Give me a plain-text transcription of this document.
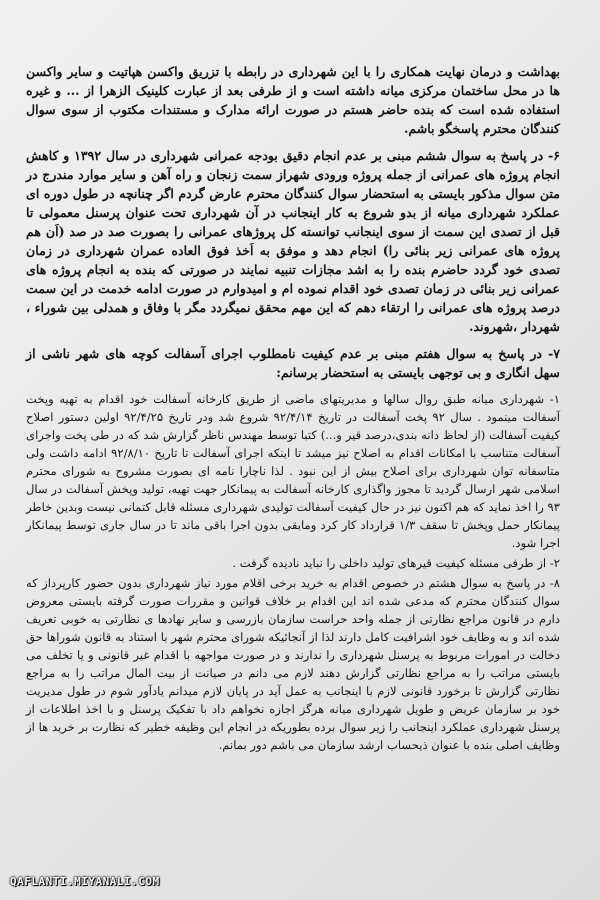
بهداشت و درمان نهایت همکاری را با این شهرداری در رابطه با تزریق واکسن هپاتیت و سایر واکسن ها در محل ساختمان مرکزی میانه داشته است و از طرفی بعد از عبارت کلینیک الزهرا از ... و غیره استفاده شده است که بنده حاضر هستم در صورت ارائه مدارک و مستندات مکتوب از سوی سوال کنندگان محترم پاسخگو باشم.

۶- در پاسخ به سوال ششم مبنی بر عدم انجام دقیق بودجه عمرانی شهرداری در سال ۱۳۹۲ و کاهش انجام پروژه های عمرانی از جمله پروژه ورودی شهراز سمت زنجان و راه آهن و سایر موارد مندرج در متن سوال مذکور بایستی به استحضار سوال کنندگان محترم عارض گردم اگر چنانچه در طول دوره ای عملکرد شهرداری میانه از بدو شروع به کار اینجانب در آن شهرداری تحت عنوان پرسنل معمولی تا قبل از تصدی این سمت از سوی اینجانب توانسته کل پروژهای عمرانی را بصورت صد در صد (اَن هم پروژه های عمرانی زیر بنائی را) انجام دهد و موفق به اَخذ فوق العاده عمران شهرداری در زمان تصدی خود گردد حاضرم بنده را به اشد مجازات تنبیه نمایند در صورتی که بنده به انجام پروژه های عمرانی زیر بنائی در زمان تصدی خود اقدام نموده ام و امیدوارم در صورت ادامه خدمت در این سمت درصد پروژه های عمرانی را ارتقاء دهم که این مهم محقق نمیگردد مگر با وفاق و همدلی بین شوراء ، شهردار ،شهروند.

۷- در پاسخ به سوال هفتم مبنی بر عدم کیفیت نامطلوب اجرای آسفالت کوچه های شهر ناشی از سهل انگاری و بی توجهی بایستی به استحضار برسانم:

۱- شهرداری میانه طبق روال سالها و مدیریتهای ماضی از طریق کارخانه آسفالت خود اقدام به تهیه وپخت آسفالت مینمود . سال ۹۲ پخت آسفالت در تاریخ ۹۲/۴/۱۴ شروع شد ودر تاریخ ۹۲/۴/۲۵ اولین دستور اصلاح کیفیت آسفالت (از لحاظ دانه بندی،درصد قیر و...) کتبا توسط مهندس ناظر گزارش شد که در طی پخت واجرای آسفالت متناسب با امکانات اقدام به اصلاح نیز میشد تا اینکه اجرای آسفالت تا تاریخ ۹۲/۸/۱۰ ادامه داشت ولی متاسفانه توان شهرداری برای اصلاح بیش از این نبود . لذا ناچارا نامه ای بصورت مشروح به شورای محترم اسلامی شهر ارسال گردید تا مجوز واگذاری کارخانه آسفالت به پیمانکار جهت تهیه، تولید وپخش آسفالت در سال ۹۳ را اخذ نماید که هم اکنون نیز در حال کیفیت آسفالت تولیدی شهرداری مسئله قابل کتمانی نیست وبدین خاطر پیمانکار حمل وپخش تا سقف ۱/۳ قرارداد کار کرد ومابقی بدون اجرا باقی ماند تا در سال جاری توسط پیمانکار اجرا شود.
۲- از طرفی مسئله کیفیت قیرهای تولید داخلی را نباید نادیده گرفت .
۸- در پاسخ به سوال هشتم در خصوص اقدام به خرید برخی اقلام مورد نیاز شهرداری بدون حضور کارپرداز که سوال کنندگان محترم که مدعی شده اند این اقدام بر خلاف قوانین و مقررات صورت گرفته بایستی معروض دارم در قانون مراجع نظارتی از جمله واحد حراست سازمان بازرسی و سایر نهادها ی نظارتی به خوبی تعریف شده اند و به وظایف خود اشرافیت کامل دارند لذا از آنجائیکه شورای محترم شهر با استناد به قانون شوراها حق دخالت در امورات مربوط به پرسنل شهرداری را ندارند و در صورت مواجهه با اقدام غیر قانونی و یا تخلف می بایستی مراتب را به مراجع نظارتی گزارش دهند لازم می دانم در صیانت از بیت المال مراتب را به مراجع نظارتی گزارش تا برخورد قانونی لازم با اینجانب به عمل آید در پایان لازم میدانم یادآور شوم در طول مدیریت خود بر سازمان عریض و طویل شهرداری میانه هرگز اجازه نخواهم داد با تفکیک پرسنل و با اخذ اطلاعات از پرسنل شهرداری عملکرد اینجانب را زیر سوال برده بطوریکه در انجام این وظیفه خطیر که نظارت بر خرید ها از وظایف اصلی بنده با عنوان ذیحساب ارشد سازمان می باشم دور بمانم.
QAFLANTI.MIYANALI.COM
